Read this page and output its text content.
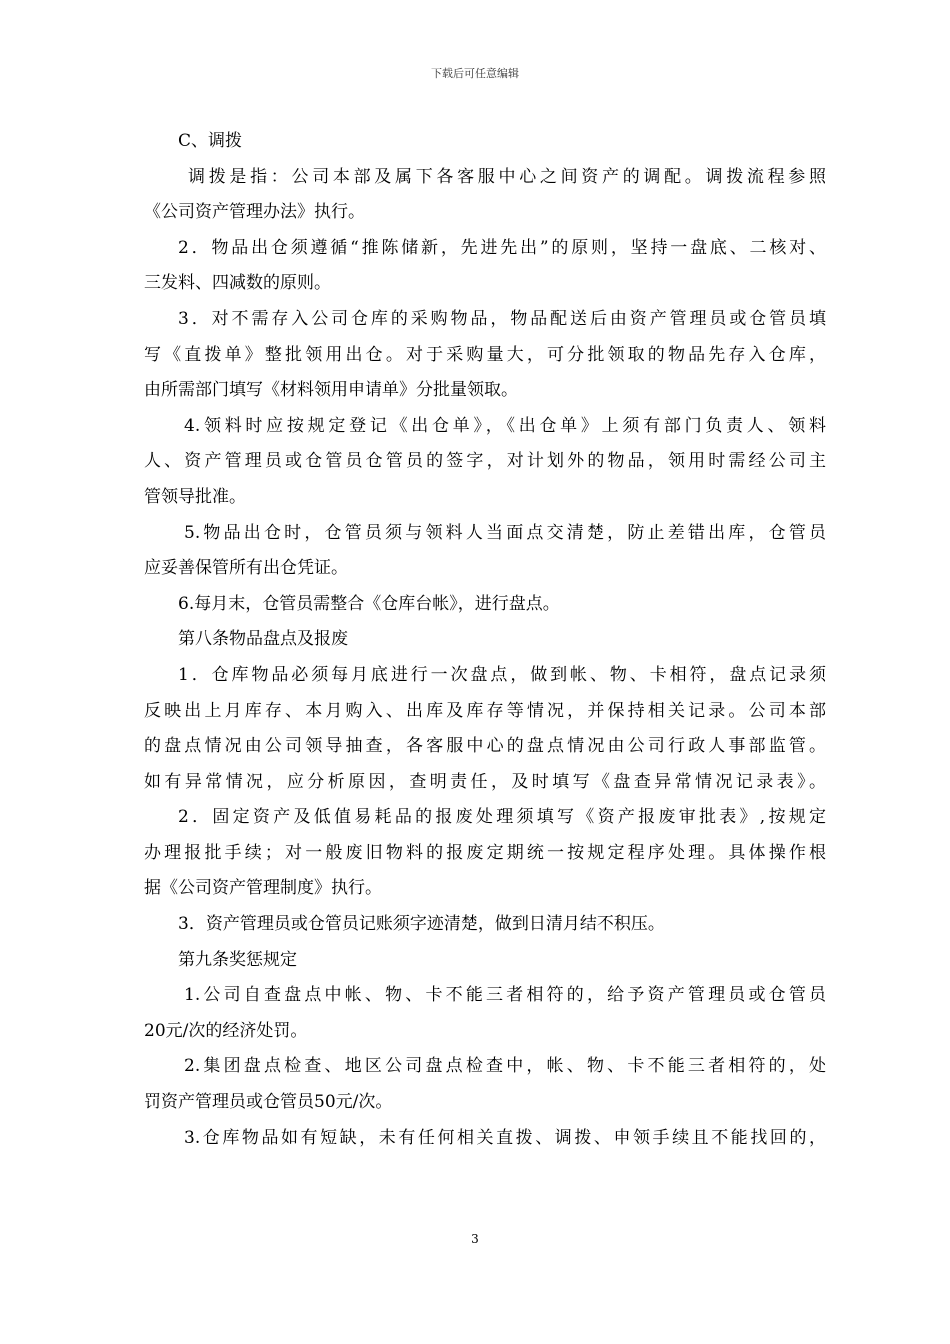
下载后可任意编辑
C、调拨
调拨是指：公司本部及属下各客服中心之间资产的调配。调拨流程参照
《公司资产管理办法》执行。
2．物品出仓须遵循“推陈储新，先进先出”的原则，坚持一盘底、二核对、
三发料、四减数的原则。
3．对不需存入公司仓库的采购物品，物品配送后由资产管理员或仓管员填
写《直拨单》整批领用出仓。对于采购量大，可分批领取的物品先存入仓库，
由所需部门填写《材料领用申请单》分批量领取。
4.领料时应按规定登记《出仓单》，《出仓单》上须有部门负责人、领料
人、资产管理员或仓管员仓管员的签字，对计划外的物品，领用时需经公司主
管领导批准。
5.物品出仓时，仓管员须与领料人当面点交清楚，防止差错出库，仓管员
应妥善保管所有出仓凭证。
6.每月末，仓管员需整合《仓库台帐》，进行盘点。
第八条物品盘点及报废
1．仓库物品必须每月底进行一次盘点，做到帐、物、卡相符，盘点记录须
反映出上月库存、本月购入、出库及库存等情况，并保持相关记录。公司本部
的盘点情况由公司领导抽查，各客服中心的盘点情况由公司行政人事部监管。
如有异常情况，应分析原因，查明责任，及时填写《盘查异常情况记录表》。
2．固定资产及低值易耗品的报废处理须填写《资产报废审批表》,按规定
办理报批手续；对一般废旧物料的报废定期统一按规定程序处理。具体操作根
据《公司资产管理制度》执行。
3．资产管理员或仓管员记账须字迹清楚，做到日清月结不积压。
第九条奖惩规定
1.公司自查盘点中帐、物、卡不能三者相符的，给予资产管理员或仓管员
20元/次的经济处罚。
2.集团盘点检查、地区公司盘点检查中，帐、物、卡不能三者相符的，处
罚资产管理员或仓管员50元/次。
3.仓库物品如有短缺，未有任何相关直拨、调拨、申领手续且不能找回的，
3
